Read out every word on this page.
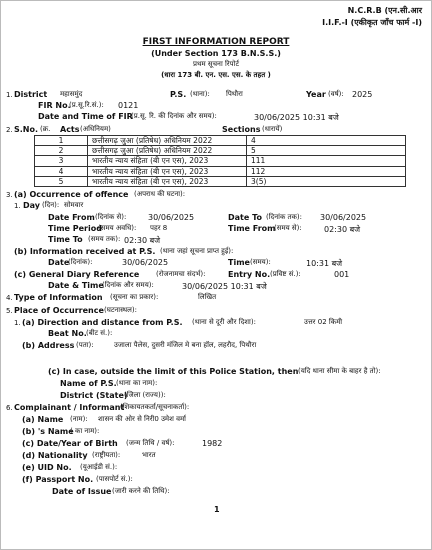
N.C.R.B (एन.सी.आर
I.I.F.-I (एकीकृत जाँच फार्म -I)
FIRST INFORMATION REPORT
(Under Section 173 B.N.S.S.)
प्रथम सूचना रिपोर्ट
(धारा 173 बी. एन. एस. एस. के तहत )
1. District महासमुंद	P.S. (थाना): पिथौरा	Year (वर्ष): 2025
FIR No.
(प्र.सू.रि.सं.): 0121
Date and Time of FIR
(प्र.सू. रि. की दिनांक और समय):	30/06/2025 10:31 बजे
2. S.No. (क्र. Acts (अधिनियम)	Sections (धारायें)
1	छत्तीसगढ़ जुआ (प्रतिषेध) अधिनियम 2022	4
2	छत्तीसगढ़ जुआ (प्रतिषेध) अधिनियम 2022	5
3	भारतीय न्याय संहिता (बी एन एस), 2023	111
4	भारतीय न्याय संहिता (बी एन एस), 2023	112
5	भारतीय न्याय संहिता (बी एन एस), 2023	3(5)
3. (a) Occurrence of offence (अपराध की घटना):
1. Day (दिन): सोमवार
Date From (दिनांक से):	30/06/2025	Date To (दिनांक तक): 30/06/2025
Time Period
(समय अवधि): पहर 8	Time From
(समय से):	02:30 बजे
Time To (समय तक): 02:30 बजे
(b) Information received at P.S. (थाना जहां सूचना प्राप्त हुई):
Date
(दिनांक):	30/06/2025	Time (समय):	10:31 बजे
(c) General Diary Reference (रोजनामचा संदर्भ):	Entry No. (प्रविष्ट सं.):	001
Date & Time
(दिनांक और समय):	30/06/2025 10:31 बजे
4. Type of Information (सूचना का प्रकार):	लिखित
5. Place of Occurrence (घटनास्थल):
1. (a) Direction and distance from P.S. (थाना से दूरी और दिशा):	उत्तर 02 किमी
Beat No. (बीट सं.):
(b) Address (पता):	उजाला पैलेस, दुसरी मंजिल मे बना हॉल, लहरौद, पिथौरा
(c) In case, outside the limit of this Police Station, then (यदि थाना सीमा के बाहर है तो):
Name of P.S. (थाना का नाम):
District (State)
(जिला (राज्य)):
6. Complainant / Informant
(शिकायतकर्ता/सूचनाकर्ता):
(a) Name (नाम): शासन की ओर से निरी0 उमेश वर्मा
(b) 's Name
( का नाम):
(c) Date/Year of Birth (जन्म तिथि / वर्ष):	1982
(d) Nationality (राष्ट्रीयता):	भारत
(e) UID No. (यूआईडी सं.):
(f) Passport No. (पासपोर्ट सं.):
Date of Issue (जारी करने की तिथि):
1
